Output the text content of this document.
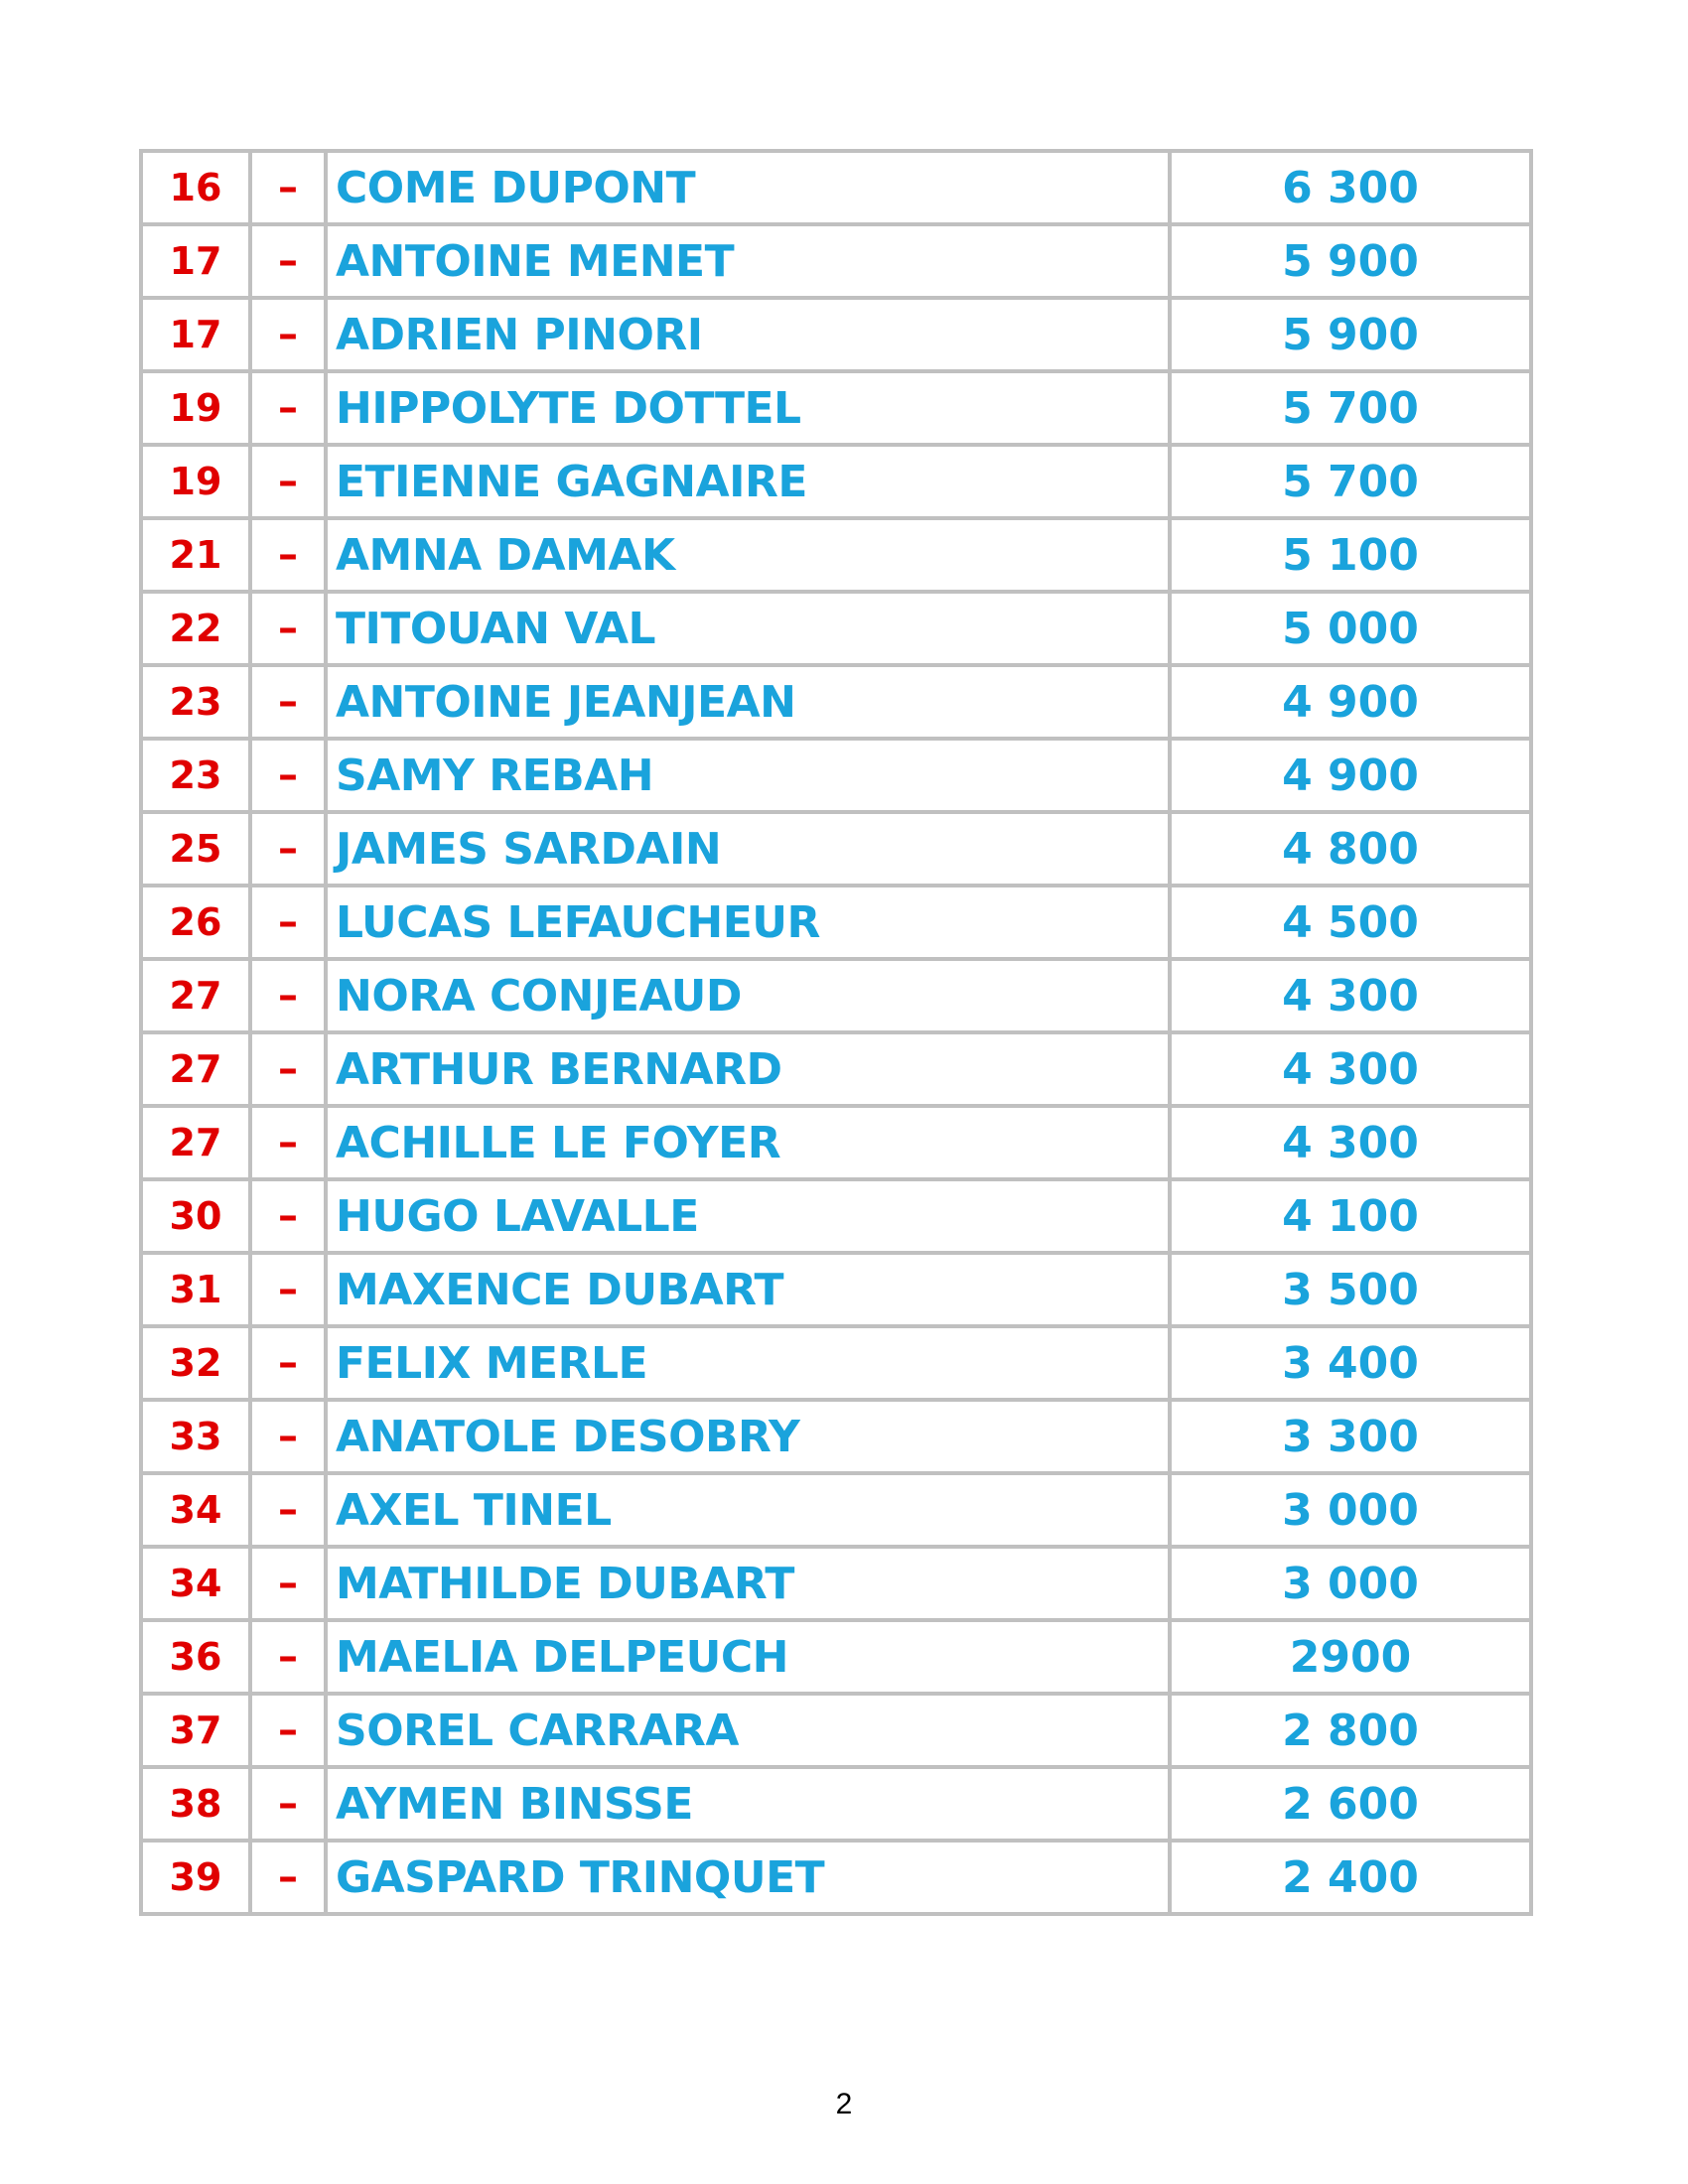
16	–	COME DUPONT	6 300
17	–	ANTOINE MENET	5 900
17	–	ADRIEN PINORI	5 900
19	–	HIPPOLYTE DOTTEL	5 700
19	–	ETIENNE GAGNAIRE	5 700
21	–	AMNA DAMAK	5 100
22	–	TITOUAN VAL	5 000
23	–	ANTOINE JEANJEAN	4 900
23	–	SAMY REBAH	4 900
25	–	JAMES SARDAIN	4 800
26	–	LUCAS LEFAUCHEUR	4 500
27	–	NORA CONJEAUD	4 300
27	–	ARTHUR BERNARD	4 300
27	–	ACHILLE LE FOYER	4 300
30	–	HUGO LAVALLE	4 100
31	–	MAXENCE DUBART	3 500
32	–	FELIX MERLE	3 400
33	–	ANATOLE DESOBRY	3 300
34	–	AXEL TINEL	3 000
34	–	MATHILDE DUBART	3 000
36	–	MAELIA DELPEUCH	2900
37	–	SOREL CARRARA	2 800
38	–	AYMEN BINSSE	2 600
39	–	GASPARD TRINQUET	2 400
2
